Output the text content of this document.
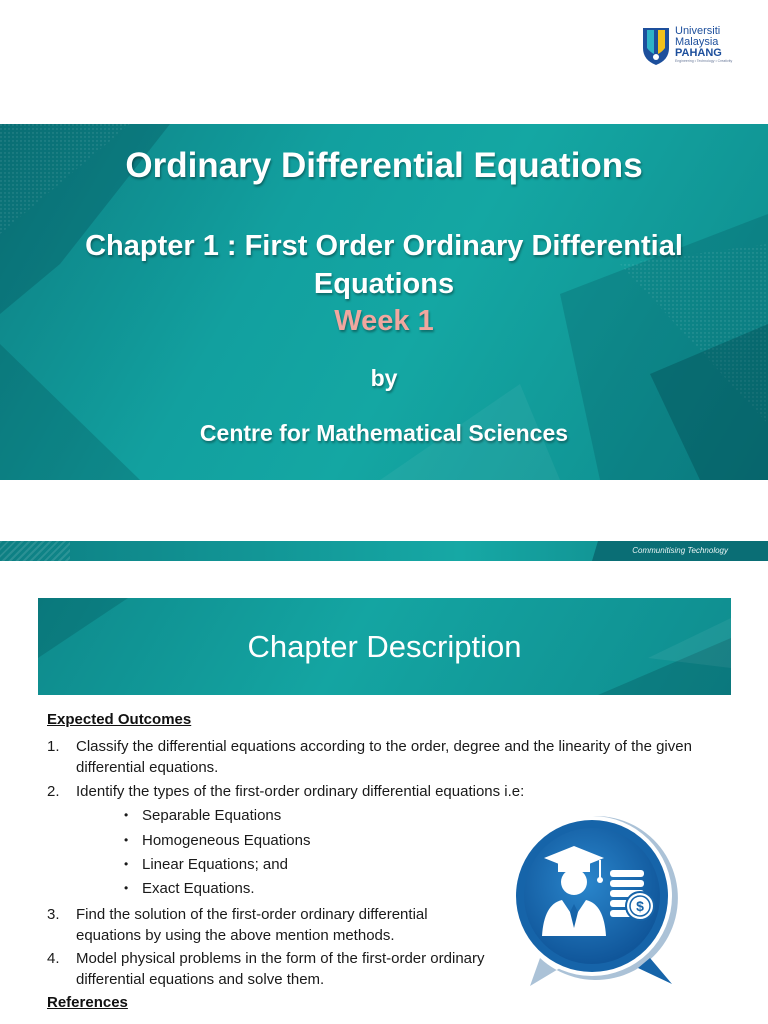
Universiti
Malaysia
PAHANG
Engineering • Technology • Creativity
Ordinary Differential Equations
Chapter 1 : First Order Ordinary Differential Equations
Week 1
by
Centre for Mathematical Sciences
Communitising Technology
Chapter Description
Expected Outcomes
1.	Classify the differential equations according to the order, degree and the linearity of the given differential equations.
2.	Identify the types of the first-order ordinary differential equations i.e:
• Separable Equations
• Homogeneous Equations
• Linear Equations; and
• Exact Equations.
3.	Find the solution of the first-order ordinary differential equations by using the above mention methods.
4.	Model physical problems in the form of the first-order ordinary differential equations and solve them.
References
$
